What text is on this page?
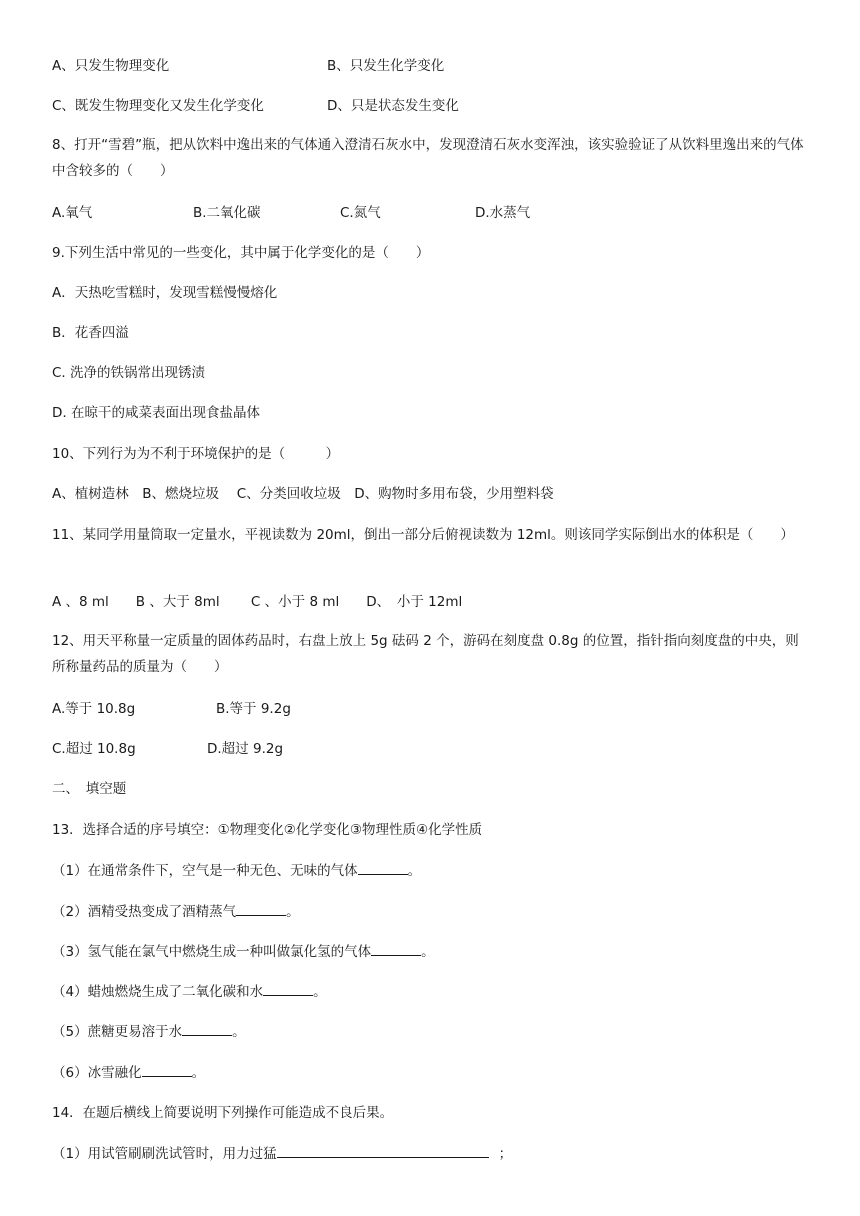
A、只发生物理变化	B、只发生化学变化
C、既发生物理变化又发生化学变化	D、只是状态发生变化
8、打开“雪碧”瓶，把从饮料中逸出来的气体通入澄清石灰水中，发现澄清石灰水变浑浊，该实验验证了从饮料里逸出来的气体中含较多的（　　）
A.氧气	B.二氧化碳	C.氮气	D.水蒸气
9.下列生活中常见的一些变化，其中属于化学变化的是（　　）
A．天热吃雪糕时，发现雪糕慢慢熔化
B．花香四溢
C. 洗净的铁锅常出现锈渍
D. 在晾干的咸菜表面出现食盐晶体
10、下列行为为不利于环境保护的是（　　　）
A、植树造林　B、燃烧垃圾　 C、分类回收垃圾　D、购物时多用布袋，少用塑料袋
11、某同学用量筒取一定量水，平视读数为 20ml，倒出一部分后俯视读数为 12ml。则该同学实际倒出水的体积是（　　）
A 、8 ml　　B 、大于 8ml　　 C 、小于 8 ml　　D、　小于 12ml
12、用天平称量一定质量的固体药品时，右盘上放上 5g 砝码 2 个，游码在刻度盘 0.8g 的位置，指针指向刻度盘的中央，则所称量药品的质量为（　　）
A.等于 10.8g	B.等于 9.2g
C.超过 10.8g	D.超过 9.2g
二、　填空题
13．选择合适的序号填空：①物理变化②化学变化③物理性质④化学性质
（1）在通常条件下，空气是一种无色、无味的气体	。
（2）酒精受热变成了酒精蒸气	。
（3）氢气能在氯气中燃烧生成一种叫做氯化氢的气体	。
（4）蜡烛燃烧生成了二氧化碳和水	。
（5）蔗糖更易溶于水	。
（6）冰雪融化	。
14．在题后横线上简要说明下列操作可能造成不良后果。
（1）用试管刷刷洗试管时，用力过猛	；
